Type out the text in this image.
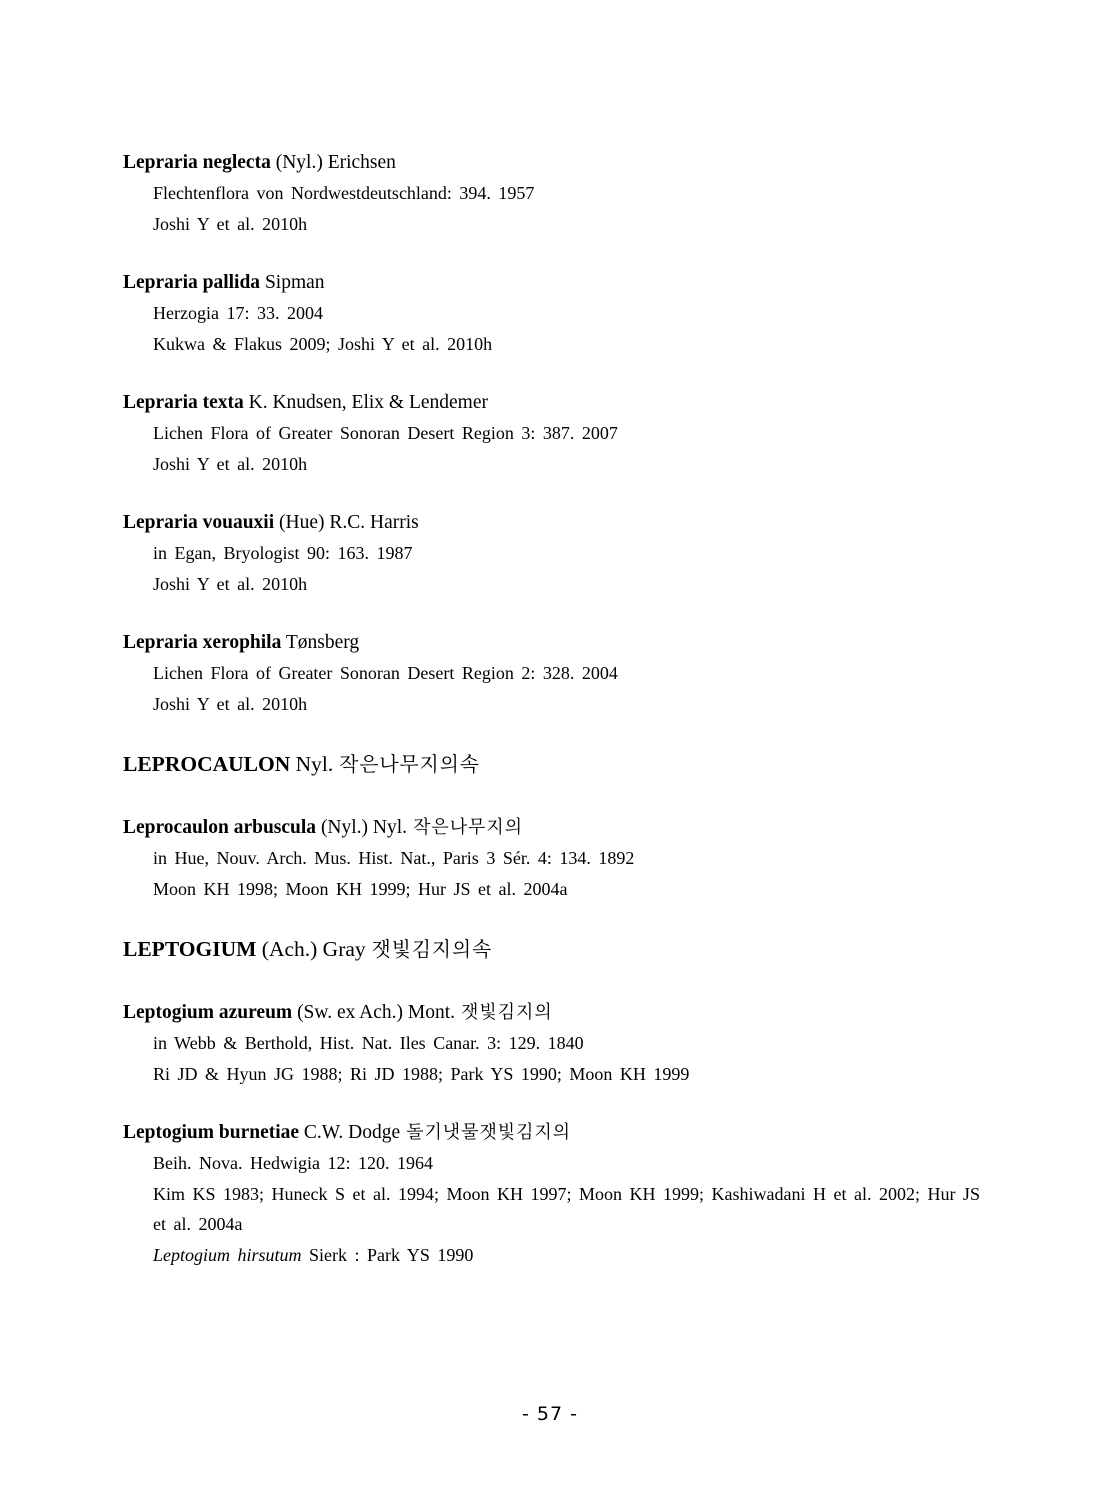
Lepraria neglecta (Nyl.) Erichsen
Flechtenflora von Nordwestdeutschland: 394. 1957
Joshi Y et al. 2010h
Lepraria pallida Sipman
Herzogia 17: 33. 2004
Kukwa & Flakus 2009; Joshi Y et al. 2010h
Lepraria texta K. Knudsen, Elix & Lendemer
Lichen Flora of Greater Sonoran Desert Region 3: 387. 2007
Joshi Y et al. 2010h
Lepraria vouauxii (Hue) R.C. Harris
in Egan, Bryologist 90: 163. 1987
Joshi Y et al. 2010h
Lepraria xerophila Tønsberg
Lichen Flora of Greater Sonoran Desert Region 2: 328. 2004
Joshi Y et al. 2010h
LEPROCAULON Nyl. 작은나무지의속
Leprocaulon arbuscula (Nyl.) Nyl. 작은나무지의
in Hue, Nouv. Arch. Mus. Hist. Nat., Paris 3 Sér. 4: 134. 1892
Moon KH 1998; Moon KH 1999; Hur JS et al. 2004a
LEPTOGIUM (Ach.) Gray 잿빛김지의속
Leptogium azureum (Sw. ex Ach.) Mont. 잿빛김지의
in Webb & Berthold, Hist. Nat. Iles Canar. 3: 129. 1840
Ri JD & Hyun JG 1988; Ri JD 1988; Park YS 1990; Moon KH 1999
Leptogium burnetiae C.W. Dodge 돌기냇물잿빛김지의
Beih. Nova. Hedwigia 12: 120. 1964
Kim KS 1983; Huneck S et al. 1994; Moon KH 1997; Moon KH 1999; Kashiwadani H et al. 2002; Hur JS et al. 2004a
Leptogium hirsutum Sierk : Park YS 1990
- 57 -
